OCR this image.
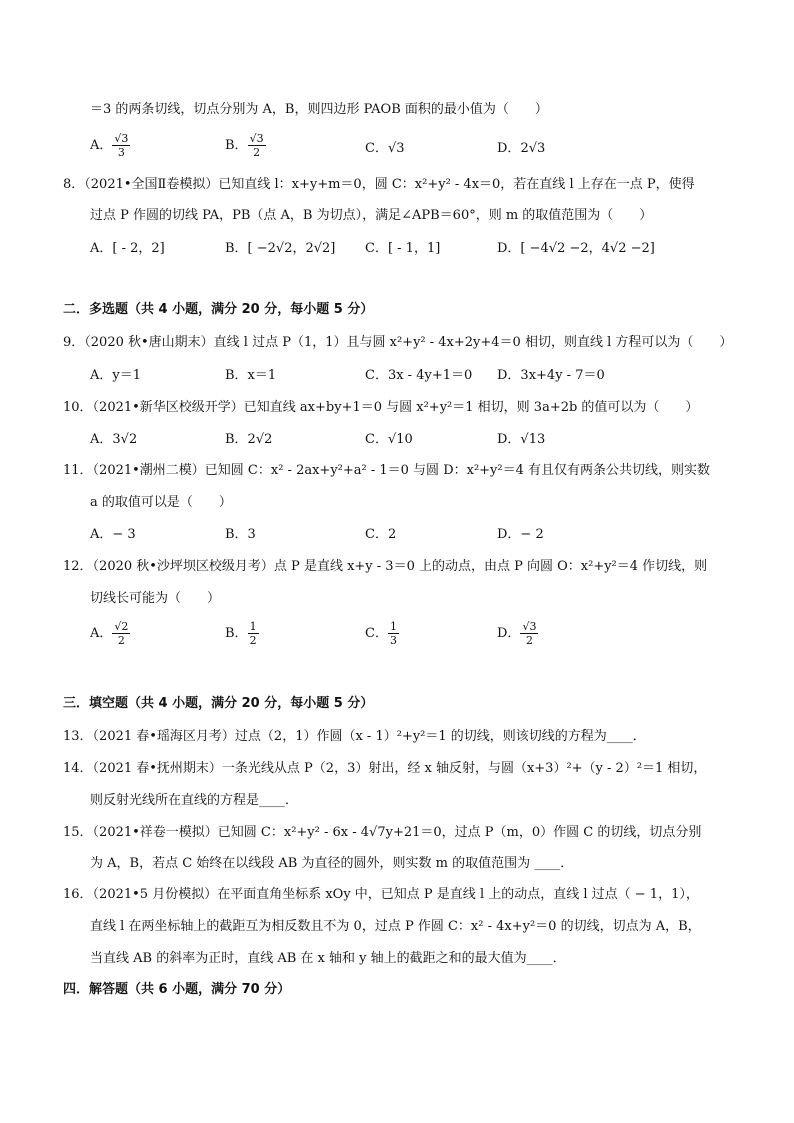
＝3 的两条切线，切点分别为 A，B，则四边形 PAOB 面积的最小值为（　　）
A． $\frac{√3}{3}$	B． $\frac{√3}{2}$	C．√3	D．2√3
8．（2021•全国Ⅱ卷模拟）已知直线 l：x+y+m＝0，圆 C：x²+y² - 4x＝0，若在直线 l 上存在一点 P，使得
过点 P 作圆的切线 PA，PB（点 A，B 为切点），满足∠APB＝60°，则 m 的取值范围为（　　）
A．[ - 2，2]	B．[ −2√2，2√2] C．[ - 1，1]	D．[ −4√2 −2，4√2 −2]
二．多选题（共 4 小题，满分 20 分，每小题 5 分）
9．（2020 秋•唐山期末）直线 l 过点 P（1，1）且与圆 x²+y² - 4x+2y+4＝0 相切，则直线 l 方程可以为（　　）
A．y＝1	B．x＝1	C．3x - 4y+1＝0 D．3x+4y - 7＝0
10．（2021•新华区校级开学）已知直线 ax+by+1＝0 与圆 x²+y²＝1 相切，则 3a+2b 的值可以为（　　）
A．3√2	B．2√2	C．√10	D．√13
11．（2021•潮州二模）已知圆 C：x² - 2ax+y²+a² - 1＝0 与圆 D：x²+y²＝4 有且仅有两条公共切线，则实数
a 的取值可以是（　　）
A．− 3	B．3	C．2	D．− 2
12．（2020 秋•沙坪坝区校级月考）点 P 是直线 x+y - 3＝0 上的动点，由点 P 向圆 O：x²+y²＝4 作切线，则
切线长可能为（　　）
A． $\frac{√2}{2}$	B． $\frac{1}{2}$	C． $\frac{1}{3}$	D． $\frac{√3}{2}$
三．填空题（共 4 小题，满分 20 分，每小题 5 分）
13．（2021 春•瑶海区月考）过点（2，1）作圆（x - 1）²+y²＝1 的切线，则该切线的方程为____．
14．（2021 春•抚州期末）一条光线从点 P（2，3）射出，经 x 轴反射，与圆（x+3）²+（y - 2）²＝1 相切，
则反射光线所在直线的方程是____．
15．（2021•祥卷一模拟）已知圆 C：x²+y² - 6x - 4√7y+21＝0，过点 P（m，0）作圆 C 的切线，切点分别
为 A，B，若点 C 始终在以线段 AB 为直径的圆外，则实数 m 的取值范围为 ____．
16．（2021•5 月份模拟）在平面直角坐标系 xOy 中，已知点 P 是直线 l 上的动点，直线 l 过点（ − 1，1），
直线 l 在两坐标轴上的截距互为相反数且不为 0，过点 P 作圆 C：x² - 4x+y²＝0 的切线，切点为 A，B，
当直线 AB 的斜率为正时，直线 AB 在 x 轴和 y 轴上的截距之和的最大值为____．
四．解答题（共 6 小题，满分 70 分）
